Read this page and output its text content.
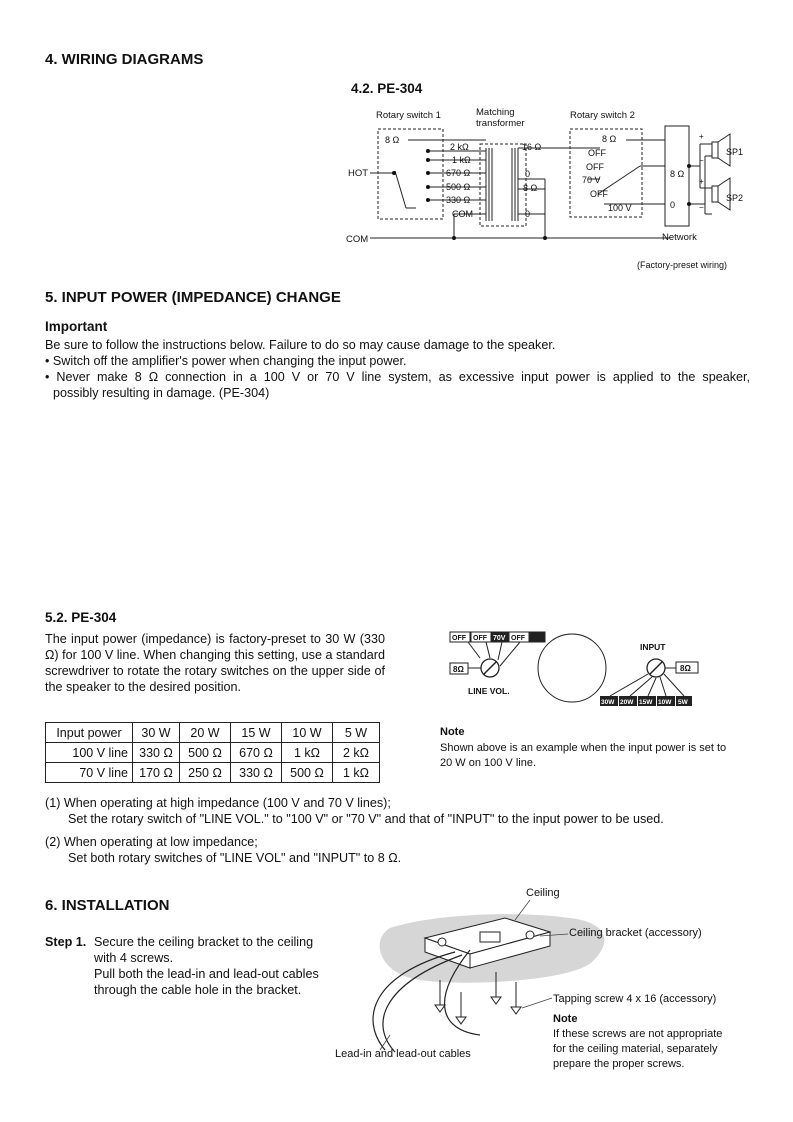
4. WIRING DIAGRAMS
4.2. PE-304
Rotary switch 1	Matching
transformer
Rotary switch 2
HOT
COM
8 Ω
2 kΩ
1 kΩ
670 Ω
500 Ω
330 Ω
COM
16 Ω
0
8 Ω
0
8 Ω
OFF
OFF
70 V
OFF
100 V
8 Ω
0
Network
SP1
SP2
+
−
+
−
(Factory-preset wiring)
5. INPUT POWER (IMPEDANCE) CHANGE
Important

Be sure to follow the instructions below. Failure to do so may cause damage to the speaker.

• Switch off the amplifier's power when changing the input power.

• Never make 8 Ω connection in a 100 V or 70 V line system, as excessive input power is applied to the speaker,

possibly resulting in damage. (PE-304)

5.2. PE-304
The input power (impedance) is factory-preset to 30 W (330 Ω) for 100 V line. When changing this setting, use a standard screwdriver to rotate the rotary switches on the upper side of the speaker to the desired position.
Input power	30 W	20 W	15 W	10 W	5 W
100 V line	330 Ω	500 Ω	670 Ω	1 kΩ	2 kΩ
70 V line	170 Ω	250 Ω	330 Ω	500 Ω	1 kΩ
OFF OFF 70V OFF
8Ω
LINE VOL.
INPUT
8Ω
30W 20W 15W 10W 5W
Note
Shown above is an example when the input power is set to 20 W on 100 V line.
(1) When operating at high impedance (100 V and 70 V lines);
Set the rotary switch of "LINE VOL." to "100 V" or "70 V" and that of "INPUT" to the input power to be used.
(2) When operating at low impedance;
Set both rotary switches of "LINE VOL" and "INPUT" to 8 Ω.
6. INSTALLATION
Step 1. Secure the ceiling bracket to the ceiling
with 4 screws.
Pull both the lead-in and lead-out cables
through the cable hole in the bracket.
Ceiling
Ceiling bracket (accessory)
Tapping screw 4 x 16 (accessory)
Note
If these screws are not appropriate
for the ceiling material, separately
prepare the proper screws.
Lead-in and lead-out cables
